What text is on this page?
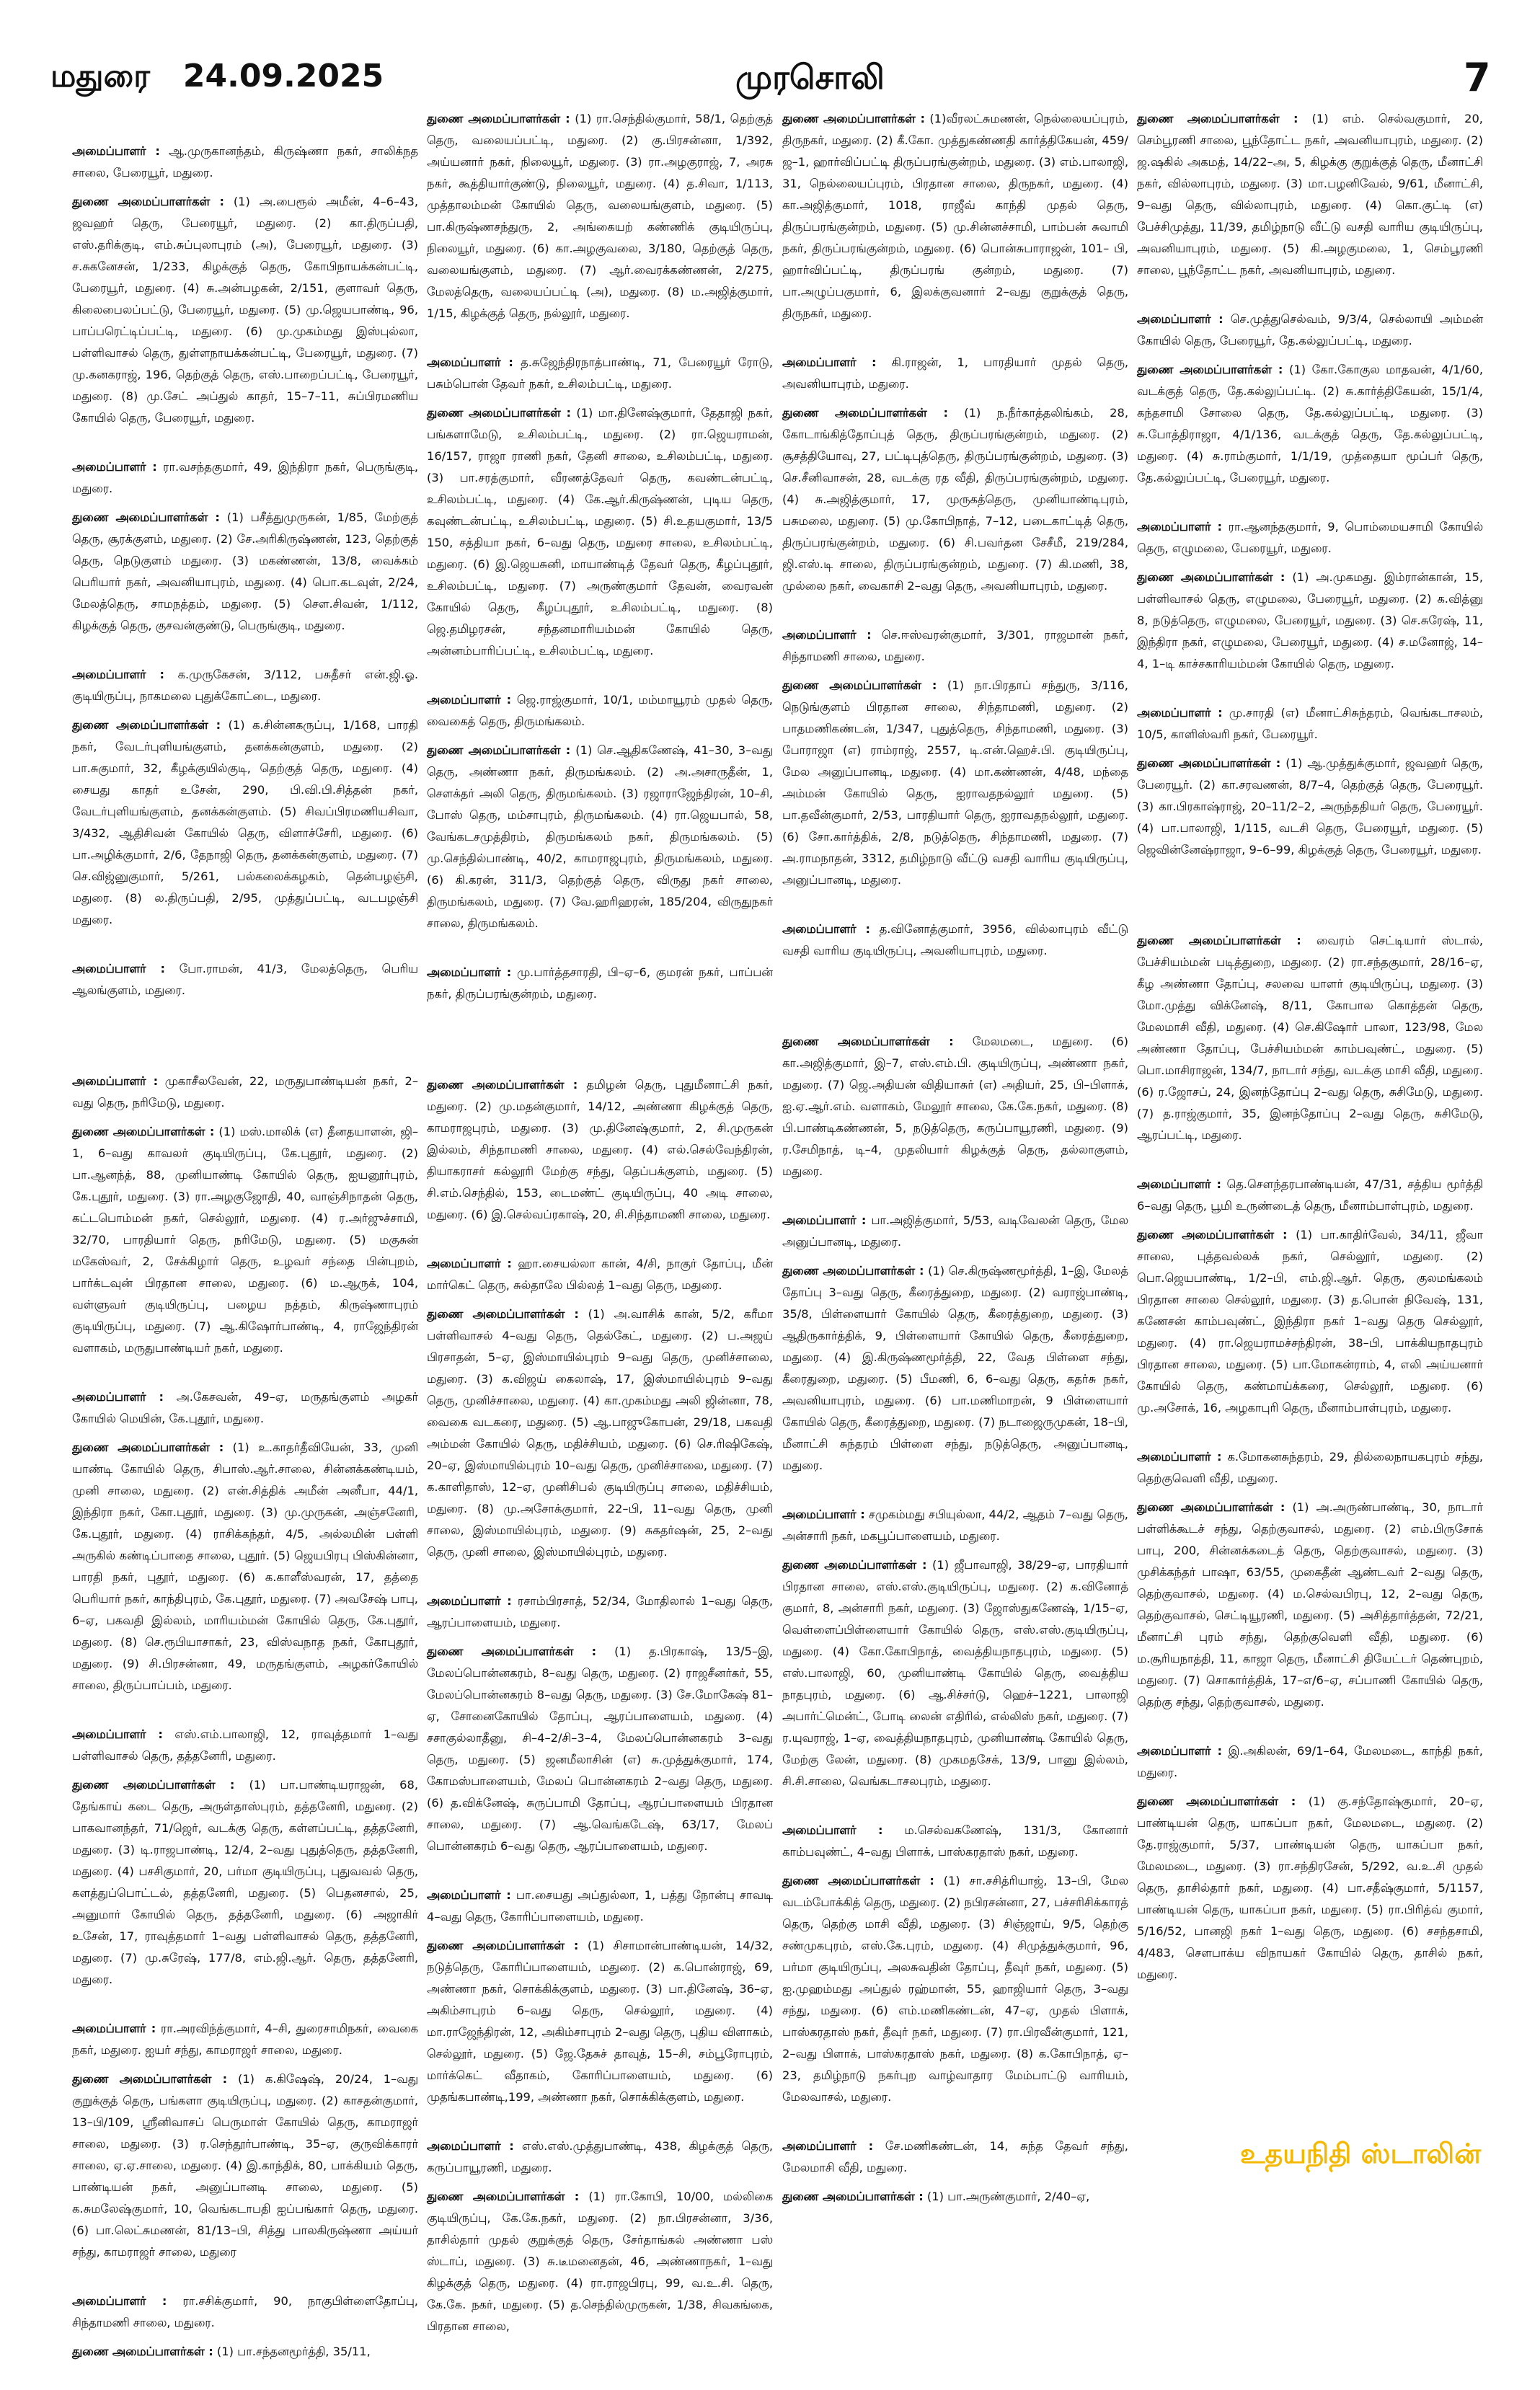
மதுரை 24.09.2025	முரசொலி	7

அமைப்பாளர் : ஆ.முருகானந்தம், கிருஷ்ணா நகர், சாலிக்நத சாலை, பேரையூர், மதுரை.

துணை அமைப்பாளர்கள் : (1) அ.பைரூல் அமீன், 4–6–43, ஜவஹர் தெரு, பேரையூர், மதுரை. (2) கா.திருப்பதி, எஸ்.தரிக்குடி, எம்.சுப்புலாபுரம் (அ), பேரையூர், மதுரை. (3) ச.சுகனேசன், 1/233, கிழக்குத் தெரு, கோபிநாயக்கன்பட்டி, பேரையூர், மதுரை. (4) சு.அன்பழகன், 2/151, குளாவர் தெரு, கிலைபைலப்பட்டு, பேரையூர், மதுரை. (5) மு.ஜெயபாண்டி, 96, பாப்பரெட்டிப்பட்டி, மதுரை. (6) மு.முகம்மது இஸ்புல்லா, பள்ளிவாசல் தெரு, துள்ளநாயக்கன்பட்டி, பேரையூர், மதுரை. (7) மு.கனகராஜ், 196, தெற்குத் தெரு, எஸ்.பாறைப்பட்டி, பேரையூர், மதுரை. (8) மு.சேட் அப்துல் காதர், 15–7–11, சுப்பிரமணிய கோயில் தெரு, பேரையூர், மதுரை.

அமைப்பாளர் : ரா.வசந்தகுமார், 49, இந்திரா நகர், பெருங்குடி, மதுரை.

துணை அமைப்பாளர்கள் : (1) பசீத்துமுருகன், 1/85, மேற்குத் தெரு, சூரக்குளம், மதுரை. (2) சே.அரிகிருஷ்ணன், 123, தெற்குத் தெரு, நெடுகுளம் மதுரை. (3) மகண்ணன், 13/8, வைக்கம் பெரியார் நகர், அவனியாபுரம், மதுரை. (4) பொ.கடவுள், 2/24, மேலத்தெரு, சாமநத்தம், மதுரை. (5) சௌ.சிவன், 1/112, கிழக்குத் தெரு, குசவன்குண்டு, பெருங்குடி, மதுரை.

அமைப்பாளர் : க.முருகேசன், 3/112, பசுதீசர் என்.ஜி.ஓ. குடியிருப்பு, நாகமலை புதுக்கோட்டை, மதுரை.

துணை அமைப்பாளர்கள் : (1) க.சின்னகருப்பு, 1/168, பாரதி நகர், வேடர்புளியங்குளம், தனக்கன்குளம், மதுரை. (2) பா.சுகுமார், 32, கீழக்குயில்குடி, தெற்குத் தெரு, மதுரை. (4) சையது காதர் உசேன், 290, பி.வி.பி.சித்தன் நகர், வேடர்புளியங்குளம், தனக்கன்குளம். (5) சிவப்பிரமணியசிவா, 3/432, ஆதிசிவன் கோயில் தெரு, விளாச்சேரி, மதுரை. (6) பா.அழிக்குமார், 2/6, தேநாஜி தெரு, தனக்கன்குளம், மதுரை. (7) செ.விஜ்னுகுமார், 5/261, பல்கலைக்கழகம், தென்பழஞ்சி, மதுரை. (8) ல.திருப்பதி, 2/95, முத்துப்பட்டி, வடபழஞ்சி மதுரை.

அமைப்பாளர் : போ.ராமன், 41/3, மேலத்தெரு, பெரிய ஆலங்குளம், மதுரை.

அமைப்பாளர் : முகாசீலவேன், 22, மருதுபாண்டியன் நகர், 2–வது தெரு, நரிமேடு, மதுரை.

துணை அமைப்பாளர்கள் : (1) மஸ்.மாலிக் (எ) தீனதயாளன், ஜி–1, 6–வது காவலர் குடியிருப்பு, கே.புதூர், மதுரை. (2) பா.ஆனந்த், 88, முனியாண்டி கோயில் தெரு, ஐயனூர்புரம், கே.புதூர், மதுரை. (3) ரா.அழகுஜோதி, 40, வாஞ்சிநாதன் தெரு, கட்டபொம்மன் நகர், செல்லூர், மதுரை. (4) ர.அர்ஜுச்சாமி, 32/70, பாரதியார் தெரு, நரிமேடு, மதுரை. (5) மகுசுன் மகேஸ்வர், 2, சேக்கிழார் தெரு, உழவர் சந்தை பின்புறம், பார்க்டவுன் பிரதான சாலை, மதுரை. (6) ம.ஆருக், 104, வள்ளுவர் குடியிருப்பு, பழைய நத்தம், கிருஷ்ணாபுரம் குடியிருப்பு, மதுரை. (7) ஆ.கிஷோர்பாண்டி, 4, ராஜேந்திரன் வளாகம், மருதுபாண்டியர் நகர், மதுரை.

அமைப்பாளர் : அ.கேசவன், 49–ஏ, மருதங்குளம் அழகர் கோயில் மெயின், கே.புதூர், மதுரை.

துணை அமைப்பாளர்கள் : (1) உ.காதர்தீவியேன், 33, முனி யாண்டி கோயில் தெரு, சிபாஸ்.ஆர்.சாலை, சின்னக்கண்டியம், முனி சாலை, மதுரை. (2) என்.சித்திக் அமீன் அனீபா, 44/1, இந்திரா நகர், கோ.புதூர், மதுரை. (3) மு.முருகன், அஞ்சனேரி, கே.புதூர், மதுரை. (4) ராசிக்கந்தர், 4/5, அல்லமின் பள்ளி அருகில் கண்டிப்பாதை சாலை, புதூர். (5) ஜெயபிரபு பிஸ்கின்னா, பாரதி நகர், புதூர், மதுரை. (6) க.காளீஸ்வரன், 17, தத்தை பெரியார் நகர், காந்திபுரம், கே.புதூர், மதுரை. (7) அவசேஷ் பாபு, 6–ஏ, பகவதி இல்லம், மாரியம்மன் கோயில் தெரு, கே.புதூர், மதுரை. (8) செ.ரூபியாசாகர், 23, விஸ்வநாத நகர், கோபுதூர், மதுரை. (9) சி.பிரசன்னா, 49, மருதங்குளம், அழகர்கோயில் சாலை, திருப்பாப்பம், மதுரை.

அமைப்பாளர் : எஸ்.எம்.பாலாஜி, 12, ராவுத்தமார் 1–வது பள்ளிவாசல் தெரு, தத்தனேரி, மதுரை.

துணை அமைப்பாளர்கள் : (1) பா.பாண்டியராஜன், 68, தேங்காய் கடை தெரு, அருள்தாஸ்புரம், தத்தனேரி, மதுரை. (2) பாகவானந்தர், 71/ஜெர், வடக்கு தெரு, கள்ளப்பட்டி, தத்தனேரி, மதுரை. (3) டி.ராஜபாண்டி, 12/4, 2–வது புதுத்தெரு, தத்தனேரி, மதுரை. (4) பசசிகுமார், 20, பர்மா குடியிருப்பு, புதுவவல் தெரு, களத்துப்பொட்டல், தத்தனேரி, மதுரை. (5) பெதனசால், 25, அனுமார் கோயில் தெரு, தத்தனேரி, மதுரை. (6) அஜாகிர் உசேன், 17, ராவுத்தமார் 1–வது பள்ளிவாசல் தெரு, தத்தனேரி, மதுரை. (7) மு.சுரேஷ், 177/8, எம்.ஜி.ஆர். தெரு, தத்தனேரி, மதுரை.

அமைப்பாளர் : ரா.அரவிந்த்குமார், 4–சி, துரைசாமிநகர், வைகை நகர், மதுரை. ஐயர் சந்து, காமராஜர் சாலை, மதுரை.

துணை அமைப்பாளர்கள் : (1) க.கிஷேஷ், 20/24, 1–வது குறுக்குத் தெரு, பங்களா குடியிருப்பு, மதுரை. (2) காசதன்குமார், 13–பி/109, ஸ்ரீனிவாசப் பெருமாள் கோயில் தெரு, காமராஜர் சாலை, மதுரை. (3) ர.செந்தூர்பாண்டி, 35–ஏ, குருவிக்காரர் சாலை, ஏ.ஏ.சாலை, மதுரை. (4) இ.காந்திக், 80, பாக்கியம் தெரு, பாண்டியன் நகர், அனுப்பானடி சாலை, மதுரை. (5) க.சுமலேஷ்குமார், 10, வெங்கடாபதி ஐப்பங்கார் தெரு, மதுரை. (6) பா.லெட்சுமணன், 81/13–பி, சித்து பாலகிருஷ்ணா அய்யர் சந்து, காமராஜர் சாலை, மதுரை

அமைப்பாளர் : ரா.சசிக்குமார், 90, நாகுபிள்ளைதோப்பு, சிந்தாமணி சாலை, மதுரை.

துணை அமைப்பாளர்கள் : (1) பா.சந்தனமூர்த்தி, 35/11,

துணை அமைப்பாளர்கள் : (1) ரா.செந்தில்குமார், 58/1, தெற்குத் தெரு, வலையப்பட்டி, மதுரை. (2) கு.பிரசன்னா, 1/392, அய்யனார் நகர், நிலையூர், மதுரை. (3) ரா.அழகுராஜ், 7, அரசு நகர், கூத்தியார்குண்டு, நிலையூர், மதுரை. (4) த.சிவா, 1/113, முத்தாலம்மன் கோயில் தெரு, வலையங்குளம், மதுரை. (5) பா.கிருஷ்ணசந்துரு, 2, அங்கையற் கண்ணிக் குடியிருப்பு, நிலையூர், மதுரை. (6) கா.அழகுவலை, 3/180, தெற்குத் தெரு, வலையங்குளம், மதுரை. (7) ஆர்.வைரக்கண்ணன், 2/275, மேலத்தெரு, வலையப்பட்டி (அ), மதுரை. (8) ம.அஜித்குமார், 1/15, கிழக்குத் தெரு, நல்லூர், மதுரை.

அமைப்பாளர் : த.சுஜேந்திரநாத்பாண்டி, 71, பேரையூர் ரோடு, பசும்பொன் தேவர் நகர், உசிலம்பட்டி, மதுரை.

துணை அமைப்பாளர்கள் : (1) மா.தினேஷ்குமார், தேதாஜி நகர், பங்களாமேடு, உசிலம்பட்டி, மதுரை. (2) ரா.ஜெயராமன், 16/157, ராஜா ராணி நகர், தேனி சாலை, உசிலம்பட்டி, மதுரை. (3) பா.சரத்குமார், வீரணத்தேவர் தெரு, கவண்டன்பட்டி, உசிலம்பட்டி, மதுரை. (4) கே.ஆர்.கிருஷ்ணன், புடிய தெரு, கவுண்டன்பட்டி, உசிலம்பட்டி, மதுரை. (5) சி.உதயகுமார், 13/5 150, சத்தியா நகர், 6–வது தெரு, மதுரை சாலை, உசிலம்பட்டி, மதுரை. (6) இ.ஜெயசுனி, மாயாண்டித் தேவர் தெரு, கீழப்புதூர், உசிலம்பட்டி, மதுரை. (7) அருண்குமார் தேவன், வைரவன் கோயில் தெரு, கீழப்புதூர், உசிலம்பட்டி, மதுரை. (8) ஜெ.தமிழரசன், சந்தனமாரியம்மன் கோயில் தெரு, அன்னம்பாரிப்பட்டி, உசிலம்பட்டி, மதுரை.

அமைப்பாளர் : ஜெ.ராஜ்குமார், 10/1, மம்மாயூரம் முதல் தெரு, வைகைத் தெரு, திருமங்கலம்.

துணை அமைப்பாளர்கள் : (1) செ.ஆதிகணேஷ், 41–30, 3–வது தெரு, அண்ணா நகர், திருமங்கலம். (2) அ.அசாருதீன், 1, சௌக்தர் அலி தெரு, திருமங்கலம். (3) ரஜாராஜேந்திரன், 10–சி, போஸ் தெரு, மம்சாபுரம், திருமங்கலம். (4) ரா.ஜெயபால், 58, வேங்கடசமுத்திரம், திருமங்கலம் நகர், திருமங்கலம். (5) மு.செந்தில்பாண்டி, 40/2, காமராஜபுரம், திருமங்கலம், மதுரை. (6) கி.கரன், 311/3, தெற்குத் தெரு, விருது நகர் சாலை, திருமங்கலம், மதுரை. (7) வே.ஹரிஹரன், 185/204, விருதுநகர் சாலை, திருமங்கலம்.

அமைப்பாளர் : மு.பார்த்தசாரதி, பி–ஏ–6, குமரன் நகர், பாப்பன் நகர், திருப்பரங்குன்றம், மதுரை.

துணை அமைப்பாளர்கள் : தமிழன் தெரு, புதுமீனாட்சி நகர், மதுரை. (2) மு.மதன்குமார், 14/12, அண்ணா கிழக்குத் தெரு, காமராஜபுரம், மதுரை. (3) மு.தினேஷ்குமார், 2, சி.முருகன் இல்லம், சிந்தாமணி சாலை, மதுரை. (4) எல்.செல்வேந்திரன், தியாகராசர் கல்லூரி மேற்கு சந்து, தெப்பக்குளம், மதுரை. (5) சி.எம்.செந்தில், 153, டைமண்ட் குடியிருப்பு, 40 அடி சாலை, மதுரை. (6) இ.செல்வப்ரகாஷ், 20, சி.சிந்தாமணி சாலை, மதுரை.

அமைப்பாளர் : ஹா.சையல்லா கான், 4/சி, நாகுர் தோப்பு, மீன் மார்கெட் தெரு, சுல்தாலே பில்லத் 1–வது தெரு, மதுரை.

துணை அமைப்பாளர்கள் : (1) அ.வாசிக் கான், 5/2, கரீமா பள்ளிவாசல் 4–வது தெரு, தெல்கேட், மதுரை. (2) ப.அஜய் பிரசாதன், 5–ஏ, இஸ்மாயில்புரம் 9–வது தெரு, முனிச்சாலை, மதுரை. (3) க.விஜய் கைலாஷ், 17, இஸ்மாயில்புரம் 9–வது தெரு, முனிச்சாலை, மதுரை. (4) கா.முகம்மது அலி ஜின்னா, 78, வைகை வடகரை, மதுரை. (5) ஆ.பாஜுகோபன், 29/18, பகவதி அம்மன் கோயில் தெரு, மதிச்சியம், மதுரை. (6) செ.ரிஷிகேஷ், 20–ஏ, இஸ்மாயில்புரம் 10–வது தெரு, முனிச்சாலை, மதுரை. (7) க.காளிதாஸ், 12–ஏ, முனிசிபல் குடியிருப்பு சாலை, மதிச்சியம், மதுரை. (8) மு.அசோக்குமார், 22–பி, 11–வது தெரு, முனி சாலை, இஸ்மாயில்புரம், மதுரை. (9) சுகதர்ஷன், 25, 2–வது தெரு, முனி சாலை, இஸ்மாயில்புரம், மதுரை.

அமைப்பாளர் : ரசாம்பிரசாத், 52/34, மோதிலால் 1–வது தெரு, ஆரப்பாளையம், மதுரை.

துணை அமைப்பாளர்கள் : (1) த.பிரகாஷ், 13/5–இ, மேலப்பொன்னகரம், 8–வது தெரு, மதுரை. (2) ராஜசீனர்கர், 55, மேலப்பொன்னகரம் 8–வது தெரு, மதுரை. (3) சே.மோகேஷ் 81–ஏ, சோனைகோயில் தோப்பு, ஆரப்பாளையம், மதுரை. (4) சசாகுல்லாதீனு, சி–4–2/சி–3–4, மேலப்பொன்னகரம் 3–வது தெரு, மதுரை. (5) ஜனமீலாசின் (எ) சு.முத்துக்குமார், 174, கோமஸ்பாளையம், மேலப் பொன்னகரம் 2–வது தெரு, மதுரை. (6) த.விக்னேஷ், சுருப்பாமி தோப்பு, ஆரப்பாளையம் பிரதான சாலை, மதுரை. (7) ஆ.வெங்கடேஷ், 63/17, மேலப் பொன்னகரம் 6–வது தெரு, ஆரப்பாளையம், மதுரை.

அமைப்பாளர் : பா.சையது அப்துல்லா, 1, பத்து நோன்பு சாவடி 4–வது தெரு, கோரிப்பாளையம், மதுரை.

துணை அமைப்பாளர்கள் : (1) சிசாமான்பாண்டியன், 14/32, நடுத்தெரு, கோரிப்பாளையம், மதுரை. (2) க.பொன்ராஜ், 69, அண்ணா நகர், சொக்கிக்குளம், மதுரை. (3) பா.தினேஷ், 36–ஏ, அகிம்சாபுரம் 6–வது தெரு, செல்லூர், மதுரை. (4) மா.ராஜேந்திரன், 12, அகிம்சாபுரம் 2–வது தெரு, புதிய விளாகம், செல்லூர், மதுரை. (5) ஜே.தேசுச் தாவுத், 15–சி, சம்பூரோபுரம், மார்க்கெட் வீதாகம், கோரிப்பாளையம், மதுரை. (6) முதங்கபாண்டி,199, அண்ணா நகர், சொக்கிக்குளம், மதுரை.

அமைப்பாளர் : எஸ்.எஸ்.முத்துபாண்டி, 438, கிழக்குத் தெரு, கருப்பாயூரணி, மதுரை.

துணை அமைப்பாளர்கள் : (1) ரா.கோபி, 10/00, மல்லிகை குடியிருப்பு, கே.கே.நகர், மதுரை. (2) நா.பிரசன்னா, 3/36, தாசில்தார் முதல் குறுக்குத் தெரு, சேர்தாங்கல் அண்ணா பஸ் ஸ்டாப், மதுரை. (3) சு.டீமனைதன், 46, அண்ணாநகர், 1–வது கிழக்குத் தெரு, மதுரை. (4) ரா.ராஜபிரபு, 99, வ.உ.சி. தெரு, கே.கே. நகர், மதுரை. (5) த.செந்தில்முருகன், 1/38, சிவகங்கை, பிரதான சாலை,

துணை அமைப்பாளர்கள் : (1)வீரலட்சுமணன், நெல்லையப்புரம், திருநகர், மதுரை. (2) கீ.கோ. முத்துகண்ணதி கார்த்திகேயன், 459/ஜ–1, ஹார்விப்பட்டி திருப்பரங்குன்றம், மதுரை. (3) எம்.பாலாஜி, 31, நெல்லையப்புரம், பிரதான சாலை, திருநகர், மதுரை. (4) கா.அஜித்குமார், 1018, ராஜீவ் காந்தி முதல் தெரு, திருப்பரங்குன்றம், மதுரை. (5) மு.சின்னச்சாமி, பாம்பன் சுவாமி நகர், திருப்பரங்குன்றம், மதுரை. (6) பொன்சுபாராஜன், 101– பி, ஹார்விப்பட்டி, திருப்பரங் குன்றம், மதுரை. (7) பா.அழுப்பகுமார், 6, இலக்குவனார் 2–வது குறுக்குத் தெரு, திருநகர், மதுரை.

அமைப்பாளர் : கி.ராஜன், 1, பாரதியார் முதல் தெரு, அவனியாபுரம், மதுரை.

துணை அமைப்பாளர்கள் : (1) ந.நீர்காத்தலிங்கம், 28, கோடாங்கித்தோப்புத் தெரு, திருப்பரங்குன்றம், மதுரை. (2) சூசத்தியோவு, 27, பட்டிபுத்தெரு, திருப்பரங்குன்றம், மதுரை. (3) செ.சீனிவாசன், 28, வடக்கு ரத வீதி, திருப்பரங்குன்றம், மதுரை. (4) சு.அஜித்குமார், 17, முருகத்தெரு, முனியாண்டிபுரம், பசுமலை, மதுரை. (5) மு.கோபிநாத், 7–12, படைகாட்டித் தெரு, திருப்பரங்குன்றம், மதுரை. (6) சி.பவர்தன சேசீமீ, 219/284, ஜி.எஸ்.டி சாலை, திருப்பரங்குன்றம், மதுரை. (7) கி.மணி, 38, முல்லை நகர், வைகாசி 2–வது தெரு, அவனியாபுரம், மதுரை.

அமைப்பாளர் : செ.ஈஸ்வரன்குமார், 3/301, ராஜமான் நகர், சிந்தாமணி சாலை, மதுரை.

துணை அமைப்பாளர்கள் : (1) நா.பிரதாப் சந்துரு, 3/116, நெடுங்குளம் பிரதான சாலை, சிந்தாமணி, மதுரை. (2) பாதமணிகண்டன், 1/347, புதுத்தெரு, சிந்தாமணி, மதுரை. (3) போராஜா (எ) ராம்ராஜ், 2557, டி.என்.ஹெச்.பி. குடியிருப்பு, மேல அனுப்பானடி, மதுரை. (4) மா.கண்ணன், 4/48, மந்தை அம்மன் கோயில் தெரு, ஐராவதநல்லூர் மதுரை. (5) பா.தவீன்குமார், 2/53, பாரதியார் தெரு, ஐராவதநல்லூர், மதுரை. (6) சோ.கார்த்திக், 2/8, நடுத்தெரு, சிந்தாமணி, மதுரை. (7) அ.ராமநாதன், 3312, தமிழ்நாடு வீட்டு வசதி வாரிய குடியிருப்பு, அனுப்பானடி, மதுரை.

அமைப்பாளர் : த.வினோத்குமார், 3956, வில்லாபுரம் வீட்டு வசதி வாரிய குடியிருப்பு, அவனியாபுரம், மதுரை.

துணை அமைப்பாளர்கள் : மேலமடை, மதுரை. (6) கா.அஜித்குமார், இ–7, எஸ்.எம்.பி. குடியிருப்பு, அண்ணா நகர், மதுரை. (7) ஜெ.அதியன் விதியாசுர் (எ) அதியர், 25, பி–பிளாக், ஐ.ஏ.ஆர்.எம். வளாகம், மேலூர் சாலை, கே.கே.நகர், மதுரை. (8) பி.பாண்டிகண்ணன், 5, நடுத்தெரு, கருப்பாயூரணி, மதுரை. (9) ர.சேமிநாத், டி–4, முதலியார் கிழக்குத் தெரு, தல்லாகுளம், மதுரை.

அமைப்பாளர் : பா.அஜித்குமார், 5/53, வடிவேலன் தெரு, மேல அனுப்பானடி, மதுரை.

துணை அமைப்பாளர்கள் : (1) செ.கிருஷ்ணமூர்த்தி, 1–இ, மேலத் தோப்பு 3–வது தெரு, கீரைத்துறை, மதுரை. (2) வராஜ்பாண்டி, 35/8, பிள்ளையார் கோயில் தெரு, கீரைத்துறை, மதுரை. (3) ஆதிருகார்த்திக், 9, பிள்ளையார் கோயில் தெரு, கீரைத்துறை, மதுரை. (4) இ.கிருஷ்ணமூர்த்தி, 22, வேத பிள்ளை சந்து, கீரைதுறை, மதுரை. (5) பீமணி, 6, 6–வது தெரு, கதர்சு நகர், அவனியாபுரம், மதுரை. (6) பா.மணிமாறன், 9 பிள்ளையார் கோயில் தெரு, கீரைத்துறை, மதுரை. (7) நடாஜைருமுகன், 18–பி, மீனாட்சி சுந்தரம் பிள்ளை சந்து, நடுத்தெரு, அனுப்பானடி, மதுரை.

அமைப்பாளர் : சமுகம்மது சபியுல்லா, 44/2, ஆதம் 7–வது தெரு, அன்சாரி நகர், மகபூப்பாளையம், மதுரை.

துணை அமைப்பாளர்கள் : (1) ஜீபாவாஜி, 38/29–ஏ, பாரதியார் பிரதான சாலை, எஸ்.எஸ்.குடியிருப்பு, மதுரை. (2) க.வினோத் குமார், 8, அன்சாரி நகர், மதுரை. (3) ஜோஸ்துகணேஷ், 1/15–ஏ, வெள்ளைப்பிள்ளையார் கோயில் தெரு, எஸ்.எஸ்.குடியிருப்பு, மதுரை. (4) கோ.கோபிநாத், வைத்தியநாதபுரம், மதுரை. (5) எஸ்.பாலாஜி, 60, முனியாண்டி கோயில் தெரு, வைத்திய நாதபுரம், மதுரை. (6) ஆ.சிச்சர்டு, ஹெச்–1221, பாலாஜி அபார்ட்மென்ட், போடி லைன் எதிரில், எல்லிஸ் நகர், மதுரை. (7) ர.யுவராஜ், 1–ஏ, வைத்தியநாதபுரம், முனியாண்டி கோயில் தெரு, மேற்கு லேன், மதுரை. (8) முகமதசேக், 13/9, பானு இல்லம், சி.சி.சாலை, வெங்கடாசலபுரம், மதுரை.

அமைப்பாளர் : ம.செல்வகணேஷ், 131/3, கோனார் காம்பவுண்ட், 4–வது பிளாக், பாஸ்கரதாஸ் நகர், மதுரை.

துணை அமைப்பாளர்கள் : (1) சா.சசித்ரியாஜ், 13–பி, மேல வடம்போக்கித் தெரு, மதுரை. (2) நபிரசன்னா, 27, பச்சரிசிக்காரத் தெரு, தெற்கு மாசி வீதி, மதுரை. (3) சிஞ்ஜாய், 9/5, தெற்கு சண்முகபுரம், எஸ்.கே.புரம், மதுரை. (4) சிமுத்துக்குமார், 96, பர்மா குடியிருப்பு, அலசுவதின் தோப்பு, தீவுர் நகர், மதுரை. (5) ஐ.முஹம்மது அப்துல் ரஹ்மான், 55, ஹாஜியார் தெரு, 3–வது சந்து, மதுரை. (6) எம்.மணிகண்டன், 47–ஏ, முதல் பிளாக், பாஸ்கரதாஸ் நகர், தீவுர் நகர், மதுரை. (7) ரா.பிரவீன்குமார், 121, 2–வது பிளாக், பாஸ்கரதாஸ் நகர், மதுரை. (8) க.கோபிநாத், ஏ–23, தமிழ்நாடு நகர்புற வாழ்வாதார மேம்பாட்டு வாரியம், மேலவாசல், மதுரை.

அமைப்பாளர் : சே.மணிகண்டன், 14, சுந்த தேவர் சந்து, மேலமாசி வீதி, மதுரை.

துணை அமைப்பாளர்கள் : (1) பா.அருண்குமார், 2/40–ஏ,

துணை அமைப்பாளர்கள் : (1) எம். செல்வகுமார், 20, செம்பூரணி சாலை, பூந்தோட்ட நகர், அவனியாபுரம், மதுரை. (2) ஜ.ஷகில் அகமத், 14/22–அ, 5, கிழக்கு குறுக்குத் தெரு, மீனாட்சி நகர், வில்லாபுரம், மதுரை. (3) மா.பழனிவேல், 9/61, மீனாட்சி, 9–வது தெரு, வில்லாபுரம், மதுரை. (4) கொ.குட்டி (எ) பேச்சிமுத்து, 11/39, தமிழ்நாடு வீட்டு வசதி வாரிய குடியிருப்பு, அவனியாபுரம், மதுரை. (5) கி.அழகுமலை, 1, செம்பூரணி சாலை, பூந்தோட்ட நகர், அவனியாபுரம், மதுரை.

அமைப்பாளர் : செ.முத்துசெல்வம், 9/3/4, செல்லாயி அம்மன் கோயில் தெரு, பேரையூர், தே.கல்லுப்பட்டி, மதுரை.

துணை அமைப்பாளர்கள் : (1) கோ.கோகுல மாதவன், 4/1/60, வடக்குத் தெரு, தே.கல்லுப்பட்டி. (2) சு.கார்த்திகேயன், 15/1/4, கந்தசாமி சோலை தெரு, தே.கல்லுப்பட்டி, மதுரை. (3) சு.போத்திராஜா, 4/1/136, வடக்குத் தெரு, தே.கல்லுப்பட்டி, மதுரை. (4) சு.ராம்குமார், 1/1/19, முத்தையா மூப்பர் தெரு, தே.கல்லுப்பட்டி, பேரையூர், மதுரை.

அமைப்பாளர் : ரா.ஆனந்தகுமார், 9, பொம்மையசாமி கோயில் தெரு, எழுமலை, பேரையூர், மதுரை.

துணை அமைப்பாளர்கள் : (1) அ.முகமது. இம்ரான்கான், 15, பள்ளிவாசல் தெரு, எழுமலை, பேரையூர், மதுரை. (2) க.வித்னு 8, நடுத்தெரு, எழுமலை, பேரையூர், மதுரை. (3) செ.சுரேஷ், 11, இந்திரா நகர், எழுமலை, பேரையூர், மதுரை. (4) ச.மனோஜ், 14–4, 1–டி காச்சகாரியம்மன் கோயில் தெரு, மதுரை.

அமைப்பாளர் : மு.சாரதி (எ) மீனாட்சிசுந்தரம், வெங்கடாசலம், 10/5, காளிஸ்வரி நகர், பேரையூர்.

துணை அமைப்பாளர்கள் : (1) ஆ.முத்துக்குமார், ஜவஹர் தெரு, பேரையூர். (2) கா.சரவணன், 8/7–4, தெற்குத் தெரு, பேரையூர். (3) கா.பிரகாஷ்ராஜ், 20–11/2–2, அருந்ததியர் தெரு, பேரையூர். (4) பா.பாலாஜி, 1/115, வடசி தெரு, பேரையூர், மதுரை. (5) ஜெவின்னேஷ்ராஜா, 9–6–99, கிழக்குத் தெரு, பேரையூர், மதுரை.

துணை அமைப்பாளர்கள் : வைரம் செட்டியார் ஸ்டால், பேச்சியம்மன் படித்துறை, மதுரை. (2) ரா.சந்தகுமார், 28/16–ஏ, கீழ அண்ணா தோப்பு, சலவை யாளர் குடியிருப்பு, மதுரை. (3) மோ.முத்து விக்னேஷ், 8/11, கோபால கொத்தன் தெரு, மேலமாசி வீதி, மதுரை. (4) செ.கிஷோர் பாலா, 123/98, மேல அண்ணா தோப்பு, பேச்சியம்மன் காம்பவுண்ட், மதுரை. (5) பொ.மாசிராஜன், 134/7, நாடார் சந்து, வடக்கு மாசி வீதி, மதுரை. (6) ர.ஜோசப், 24, இனந்தோப்பு 2–வது தெரு, சுசிமேடு, மதுரை. (7) த.ராஜ்குமார், 35, இனந்தோப்பு 2–வது தெரு, சுசிமேடு, ஆரப்பட்டி, மதுரை.

அமைப்பாளர் : தெ.சௌந்தரபாண்டியன், 47/31, சத்திய மூர்த்தி 6–வது தெரு, பூமி உருண்டைத் தெரு, மீனாம்பாள்புரம், மதுரை.

துணை அமைப்பாளர்கள் : (1) பா.காதிர்வேல், 34/11, ஜீவா சாலை, புத்தவல்லக் நகர், செல்லூர், மதுரை. (2) பொ.ஜெயபாண்டி, 1/2–பி, எம்.ஜி.ஆர். தெரு, குலமங்கலம் பிரதான சாலை செல்லூர், மதுரை. (3) த.பொன் நிவேஷ், 131, கணேசன் காம்பவுண்ட், இந்திரா நகர் 1–வது தெரு செல்லூர், மதுரை. (4) ரா.ஜெயராமச்சந்திரன், 38–பி, பாக்கியநாதபுரம் பிரதான சாலை, மதுரை. (5) பா.மோகன்ராம், 4, எலி அய்யனார் கோயில் தெரு, கண்மாய்க்கரை, செல்லூர், மதுரை. (6) மு.அசோக், 16, அழகாபுரி தெரு, மீனாம்பாள்புரம், மதுரை.

அமைப்பாளர் : க.மோகனசுந்தரம், 29, தில்லைநாயகபுரம் சந்து, தெற்குவெளி வீதி, மதுரை.

துணை அமைப்பாளர்கள் : (1) அ.அருண்பாண்டி, 30, நாடார் பள்ளிக்கூடச் சந்து, தெற்குவாசல், மதுரை. (2) எம்.பிருசோக் பாபு, 200, சின்னக்கடைத் தெரு, தெற்குவாசல், மதுரை. (3) முசிக்கந்தர் பாஷா, 63/55, முகைதீன் ஆண்டவர் 2–வது தெரு, தெற்குவாசல், மதுரை. (4) ம.செல்வபிரபு, 12, 2–வது தெரு, தெற்குவாசல், செட்டியூரணி, மதுரை. (5) அசித்தார்த்தன், 72/21, மீனாட்சி புரம் சந்து, தெற்குவெளி வீதி, மதுரை. (6) ம.சூரியநாத்தி, 11, காஜா தெரு, மீனாட்சி தியேட்டர் தெண்புறம், மதுரை. (7) சொகார்த்திக், 17–எ/6–ஏ, சப்பாணி கோயில் தெரு, தெற்கு சந்து, தெற்குவாசல், மதுரை.

அமைப்பாளர் : இ.அகிலன், 69/1–64, மேலமடை, காந்தி நகர், மதுரை.

துணை அமைப்பாளர்கள் : (1) கு.சந்தோஷ்குமார், 20–ஏ, பாண்டியன் தெரு, யாகப்பா நகர், மேலமடை, மதுரை. (2) தே.ராஜ்குமார், 5/37, பாண்டியன் தெரு, யாகப்பா நகர், மேலமடை, மதுரை. (3) ரா.சந்திரசேன், 5/292, வ.உ.சி முதல் தெரு, தாசில்தார் நகர், மதுரை. (4) பா.சதீஷ்குமார், 5/1157, பாண்டியன் தெரு, யாகப்பா நகர், மதுரை. (5) ரா.பிரித்வ் குமார், 5/16/52, பானஜி நகர் 1–வது தெரு, மதுரை. (6) சசந்தசாமி, 4/483, சௌபாக்ய விநாயகர் கோயில் தெரு, தாசில் நகர், மதுரை.

உதயநிதி ஸ்டாலின்
